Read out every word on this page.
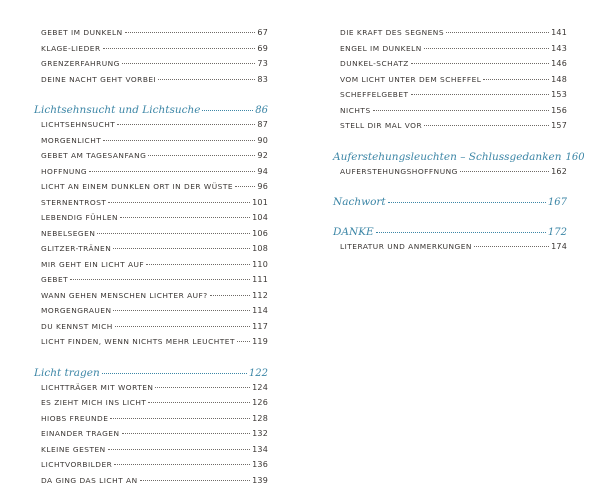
GEBET IM DUNKELN	67
KLAGE-LIEDER	69
GRENZERFAHRUNG	73
DEINE NACHT GEHT VORBEI	83
Lichtsehnsucht und Lichtsuche	86
LICHTSEHNSUCHT	87
MORGENLICHT	90
GEBET AM TAGESANFANG	92
HOFFNUNG	94
LICHT AN EINEM DUNKLEN ORT IN DER WÜSTE	96
STERNENTROST	101
LEBENDIG FÜHLEN	104
NEBELSEGEN	106
GLITZER-TRÄNEN	108
MIR GEHT EIN LICHT AUF	110
GEBET	111
WANN GEHEN MENSCHEN LICHTER AUF?	112
MORGENGRAUEN	114
DU KENNST MICH	117
LICHT FINDEN, WENN NICHTS MEHR LEUCHTET 119
Licht tragen	122
LICHTTRÄGER MIT WORTEN	124
ES ZIEHT MICH INS LICHT	126
HIOBS FREUNDE	128
EINANDER TRAGEN	132
KLEINE GESTEN	134
LICHTVORBILDER	136
DA GING DAS LICHT AN	139
DIE KRAFT DES SEGNENS	141
ENGEL IM DUNKELN	143
DUNKEL-SCHATZ	146
VOM LICHT UNTER DEM SCHEFFEL	148
SCHEFFELGEBET	153
NICHTS	156
STELL DIR MAL VOR	157
Auferstehungsleuchten – Schlussgedanken 160
AUFERSTEHUNGSHOFFNUNG	162
Nachwort	167
DANKE	172
LITERATUR UND ANMERKUNGEN	174
